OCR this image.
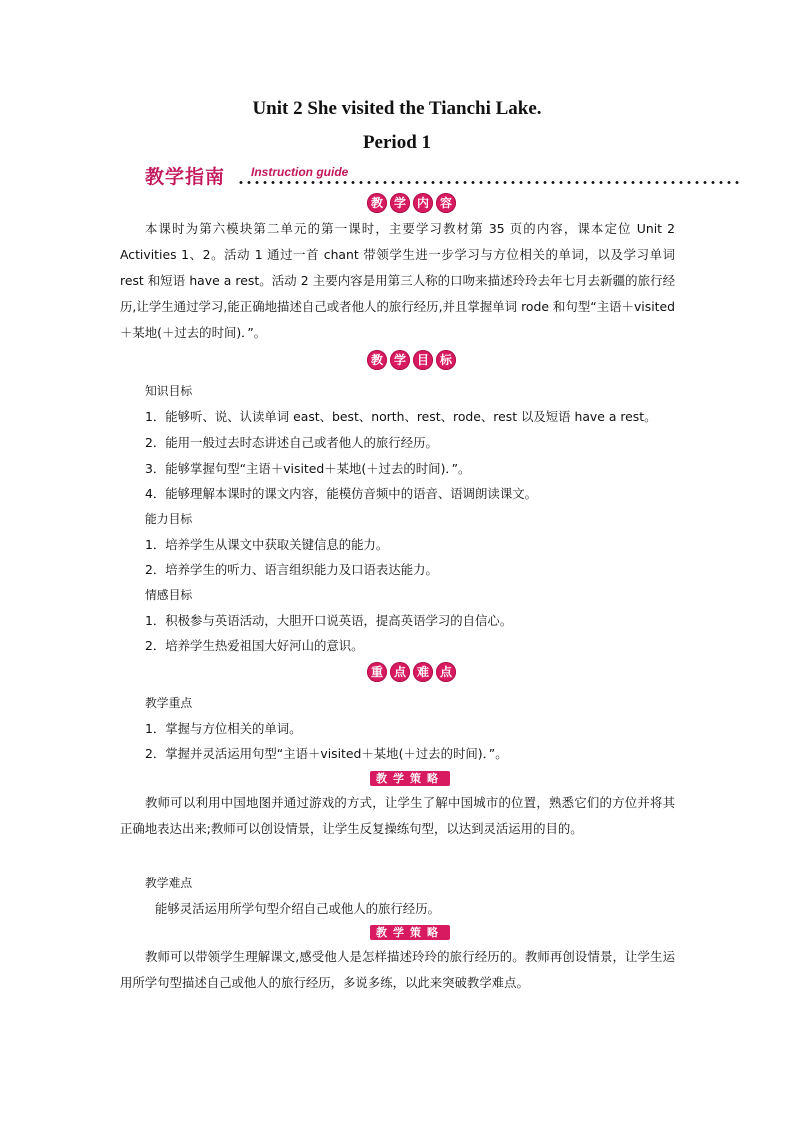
Unit 2 She visited the Tianchi Lake.
Period 1
教学指南 Instruction guide
教 学 内 容

本课时为第六模块第二单元的第一课时，主要学习教材第 35 页的内容，课本定位 Unit 2 Activities 1、2。活动 1 通过一首 chant 带领学生进一步学习与方位相关的单词，以及学习单词 rest 和短语 have a rest。活动 2 主要内容是用第三人称的口吻来描述玲玲去年七月去新疆的旅行经历,让学生通过学习,能正确地描述自己或者他人的旅行经历,并且掌握单词 rode 和句型“主语＋visited＋某地(＋过去的时间)．”。

教 学 目 标

知识目标

1．能够听、说、认读单词 east、best、north、rest、rode、rest 以及短语 have a rest。

2．能用一般过去时态讲述自己或者他人的旅行经历。

3．能够掌握句型“主语＋visited＋某地(＋过去的时间)．”。

4．能够理解本课时的课文内容，能模仿音频中的语音、语调朗读课文。

能力目标

1．培养学生从课文中获取关键信息的能力。

2．培养学生的听力、语言组织能力及口语表达能力。

情感目标

1．积极参与英语活动，大胆开口说英语，提高英语学习的自信心。

2．培养学生热爱祖国大好河山的意识。

重 点 难 点

教学重点

1．掌握与方位相关的单词。

2．掌握并灵活运用句型“主语＋visited＋某地(＋过去的时间)．”。

教学策略

教师可以利用中国地图并通过游戏的方式，让学生了解中国城市的位置，熟悉它们的方位并将其正确地表达出来;教师可以创设情景，让学生反复操练句型，以达到灵活运用的目的。

教学难点

能够灵活运用所学句型介绍自己或他人的旅行经历。

教学策略

教师可以带领学生理解课文,感受他人是怎样描述玲玲的旅行经历的。教师再创设情景，让学生运用所学句型描述自己或他人的旅行经历，多说多练，以此来突破教学难点。
